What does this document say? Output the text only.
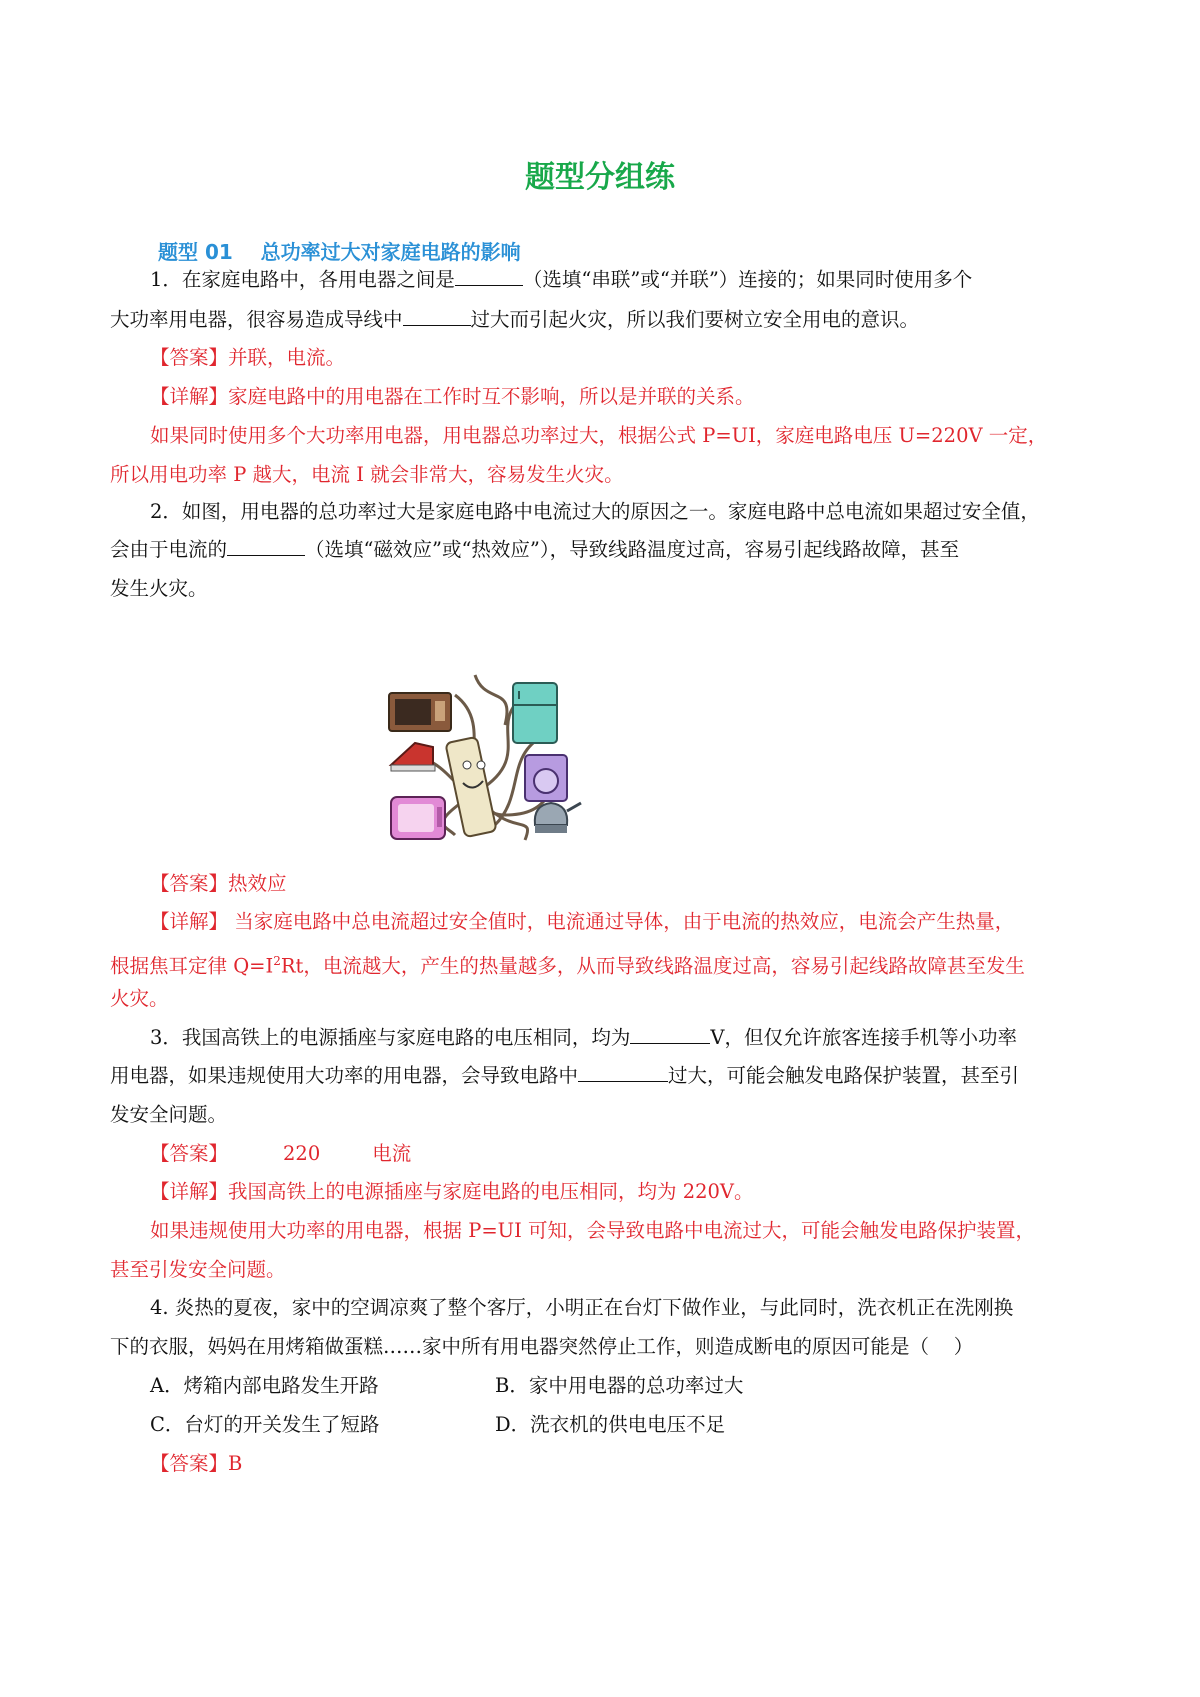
题型分组练
题型 01    总功率过大对家庭电路的影响
1．在家庭电路中，各用电器之间是	（选填“串联”或“并联”）连接的；如果同时使用多个
大功率用电器，很容易造成导线中	过大而引起火灾，所以我们要树立安全用电的意识。
【答案】并联，电流。
【详解】家庭电路中的用电器在工作时互不影响，所以是并联的关系。
如果同时使用多个大功率用电器，用电器总功率过大，根据公式 P=UI，家庭电路电压 U=220V 一定，
所以用电功率 P 越大，电流 I 就会非常大，容易发生火灾。
2．如图，用电器的总功率过大是家庭电路中电流过大的原因之一。家庭电路中总电流如果超过安全值，
会由于电流的	（选填“磁效应”或“热效应”），导致线路温度过高，容易引起线路故障，甚至
发生火灾。
【答案】热效应
【详解】 当家庭电路中总电流超过安全值时，电流通过导体，由于电流的热效应，电流会产生热量，
根据焦耳定律 $Q=I^2Rt$，电流越大，产生的热量越多，从而导致线路温度过高，容易引起线路故障甚至发生
火灾。
3．我国高铁上的电源插座与家庭电路的电压相同，均为	V，但仅允许旅客连接手机等小功率
用电器，如果违规使用大功率的用电器，会导致电路中	过大，可能会触发电路保护装置，甚至引
发安全问题。
【答案】	220	电流
【详解】我国高铁上的电源插座与家庭电路的电压相同，均为 220V。
如果违规使用大功率的用电器，根据 P=UI 可知，会导致电路中电流过大，可能会触发电路保护装置，
甚至引发安全问题。
4. 炎热的夏夜，家中的空调凉爽了整个客厅，小明正在台灯下做作业，与此同时，洗衣机正在洗刚换
下的衣服，妈妈在用烤箱做蛋糕……家中所有用电器突然停止工作，则造成断电的原因可能是（    ）
A．烤箱内部电路发生开路	B．家中用电器的总功率过大
C．台灯的开关发生了短路	D．洗衣机的供电电压不足
【答案】B
